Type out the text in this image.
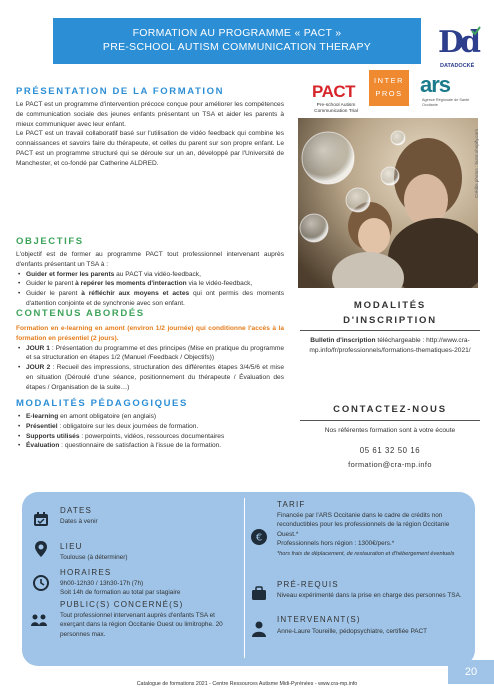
FORMATION AU PROGRAMME « PACT »
PRE-SCHOOL AUTISM COMMUNICATION THERAPY	Dd
DATADOCKÉ
PRÉSENTATION DE LA FORMATION
Le PACT est un programme d'intervention précoce conçue pour améliorer les compétences de communication sociale des jeunes enfants présentant un TSA et aider les parents à mieux communiquer avec leur enfant.
Le PACT est un travail collaboratif basé sur l'utilisation de vidéo feedback qui combine les connaissances et savoirs faire du thérapeute, et celles du parent sur son propre enfant. Le PACT est un programme structuré qui se déroule sur un an, développé par l'Université de Manchester, et co-fondé par Catherine ALDRED.
PACT
Pre-school Autism Communication Trial
INTER
PROS ars
Agence Régionale de Santé Occitanie
Crédits photos : burst.shopify.com
OBJECTIFS
L'objectif est de former au programme PACT tout professionnel intervenant auprès d'enfants présentant un TSA à :
• Guider et former les parents au PACT via vidéo-feedback,
• Guider le parent à repérer les moments d'interaction via le vidéo-feedback,
• Guider le parent à réfléchir aux moyens et actes qui ont permis des moments d'attention conjointe et de synchronie avec son enfant.
CONTENUS ABORDÉS
Formation en e-learning en amont (environ 1/2 journée) qui conditionne l'accès à la formation en présentiel (2 jours).
• JOUR 1 : Présentation du programme et des principes (Mise en pratique du programme et sa structuration en étapes 1/2 (Manuel /Feedback / Objectifs))
• JOUR 2 : Recueil des impressions, structuration des différentes étapes 3/4/5/6 et mise en situation (Déroulé d'une séance, positionnement du thérapeute / Évaluation des étapes / Organisation de la suite…)
MODALITÉS PÉDAGOGIQUES
• E-learning en amont obligatoire (en anglais)
• Présentiel : obligatoire sur les deux journées de formation.
• Supports utilisés : powerpoints, vidéos, ressources documentaires
• Évaluation : questionnaire de satisfaction à l'issue de la formation.
MODALITÉS
D'INSCRIPTION
Bulletin d'inscription téléchargeable : http://www.cra-mp.info/fr/professionnels/formations-thematiques-2021/
CONTACTEZ-NOUS
Nos référentes formation sont à votre écoute
05 61 32 50 16
formation@cra-mp.info
DATES
Dates à venir
LIEU
Toulouse (à déterminer)
HORAIRES
9h00-12h30 / 13h30-17h (7h)
Soit 14h de formation au total par stagiaire
PUBLIC(S) CONCERNÉ(S)
Tout professionnel intervenant auprès d'enfants TSA et exerçant dans la région Occitanie Ouest ou limitrophe. 20 personnes max.
€
TARIF
Financée par l'ARS Occitanie dans le cadre de crédits non reconductibles pour les professionnels de la région Occitanie Ouest.*
Professionnels hors région : 1300€/pers.*
*hors frais de déplacement, de restauration et d'hébergement éventuels
PRÉ-REQUIS
Niveau expérimenté dans la prise en charge des personnes TSA.
INTERVENANT(S)
Anne-Laure Toureille, pédopsychiatre, certifiée PACT
20
Catalogue de formations 2021 - Centre Ressources Autisme Midi-Pyrénées - www.cra-mp.info
